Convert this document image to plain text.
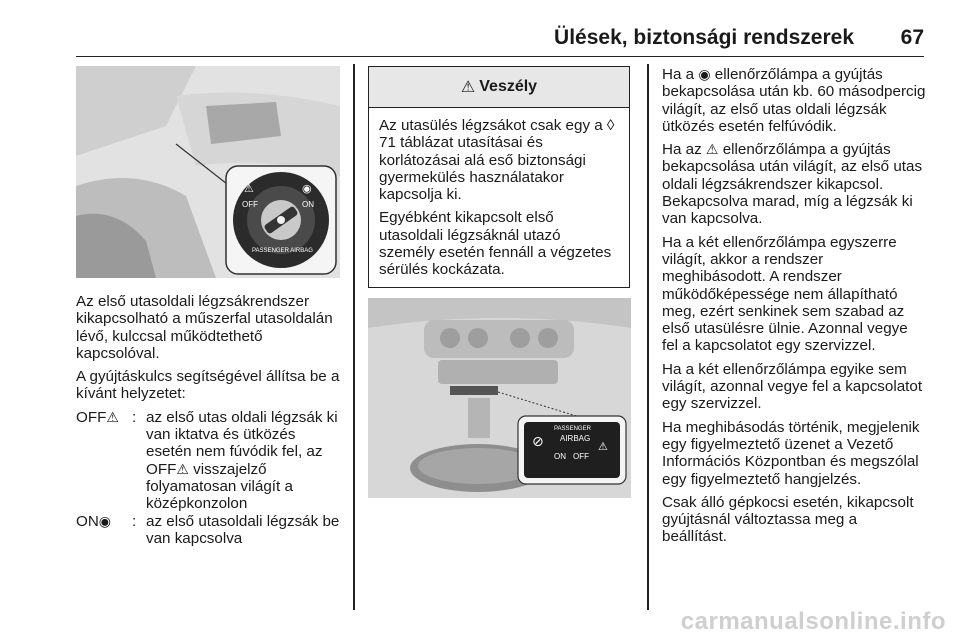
Ülések, biztonsági rendszerek 67
OFF	ON
PASSENGER AIRBAG
⚠	◉

Az első utasoldali légzsákrendszer kikapcsolható a műszerfal utasoldalán lévő, kulccsal működtethető kapcsolóval.

A gyújtáskulcs segítségével állítsa be a kívánt helyzetet:

OFF⚠ : az első utas oldali légzsák ki van iktatva és ütközés esetén nem fúvódik fel, az OFF⚠ visszajelző folyamatosan világít a középkonzolon
ON◉	: az első utasoldali légzsák be van kapcsolva
⚠ Veszély

Az utasülés légzsákot csak egy a ◊ 71 táblázat utasításai és korlátozásai alá eső biztonsági gyermekülés használatakor kapcsolja ki.

Egyébként kikapcsolt első utasoldali légzsáknál utazó személy esetén fennáll a végzetes sérülés kockázata.

⊘
PASSENGER
AIRBAG
ON OFF
⚠

Ha a ◉ ellenőrzőlámpa a gyújtás bekapcsolása után kb. 60 másodpercig világít, az első utas oldali légzsák ütközés esetén felfúvódik.

Ha az ⚠ ellenőrzőlámpa a gyújtás bekapcsolása után világít, az első utas oldali légzsákrendszer kikapcsol. Bekapcsolva marad, míg a légzsák ki van kapcsolva.

Ha a két ellenőrzőlámpa egyszerre világít, akkor a rendszer meghibásodott. A rendszer működőképessége nem állapítható meg, ezért senkinek sem szabad az első utasülésre ülnie. Azonnal vegye fel a kapcsolatot egy szervizzel.

Ha a két ellenőrzőlámpa egyike sem világít, azonnal vegye fel a kapcsolatot egy szervizzel.

Ha meghibásodás történik, megjelenik egy figyelmeztető üzenet a Vezető Információs Központban és megszólal egy figyelmeztető hangjelzés.

Csak álló gépkocsi esetén, kikapcsolt gyújtásnál változtassa meg a beállítást.

carmanualsonline.info
